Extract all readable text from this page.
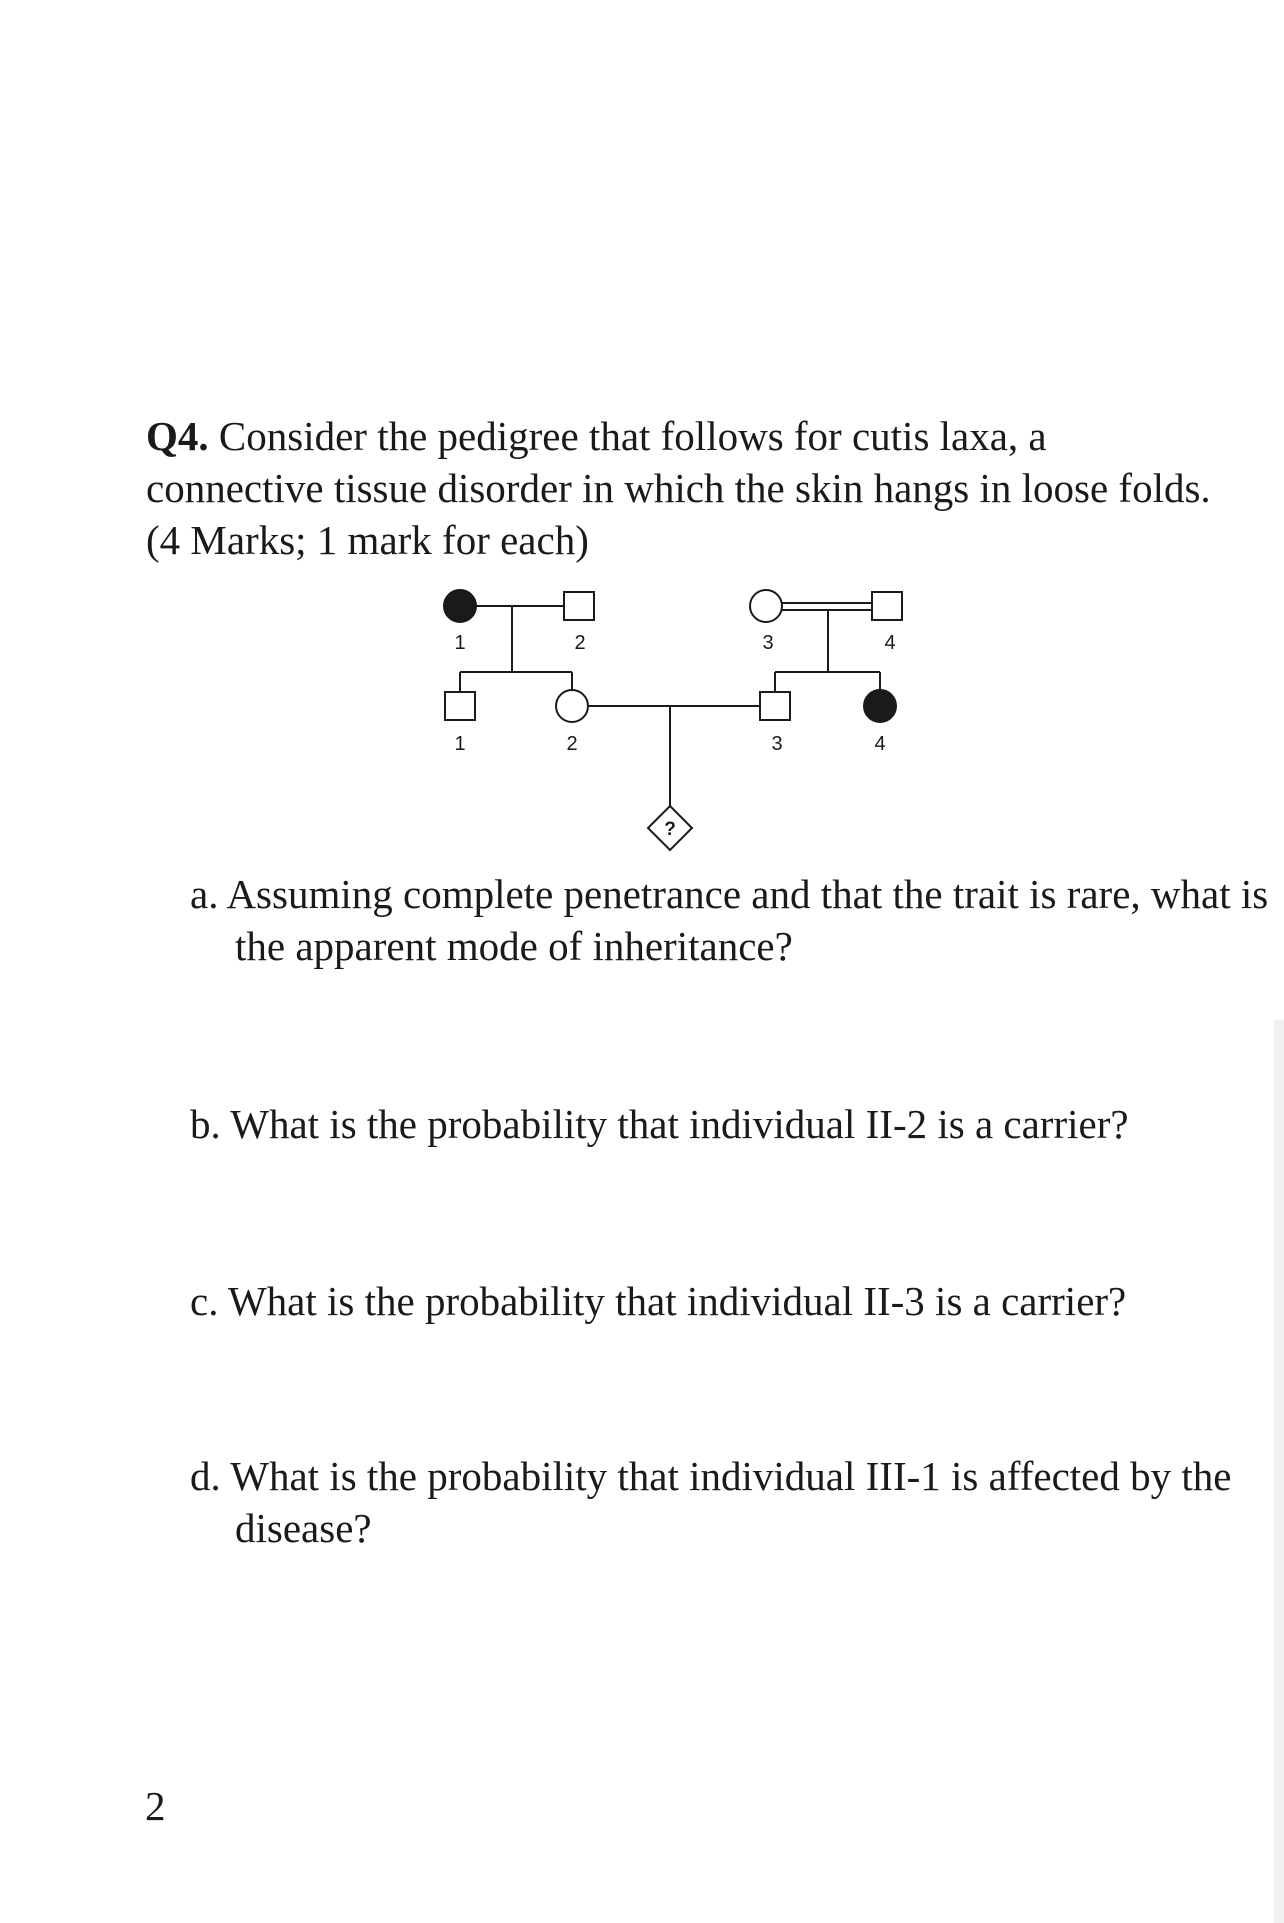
Q4. Consider the pedigree that follows for cutis laxa, a connective tissue disorder in which the skin hangs in loose folds. (4 Marks; 1 mark for each)

1	2	3	4
1	2	3	4
?

a. Assuming complete penetrance and that the trait is rare, what is the apparent mode of inheritance?

b. What is the probability that individual II-2 is a carrier?

c. What is the probability that individual II-3 is a carrier?

d. What is the probability that individual III-1 is affected by the disease?

2
